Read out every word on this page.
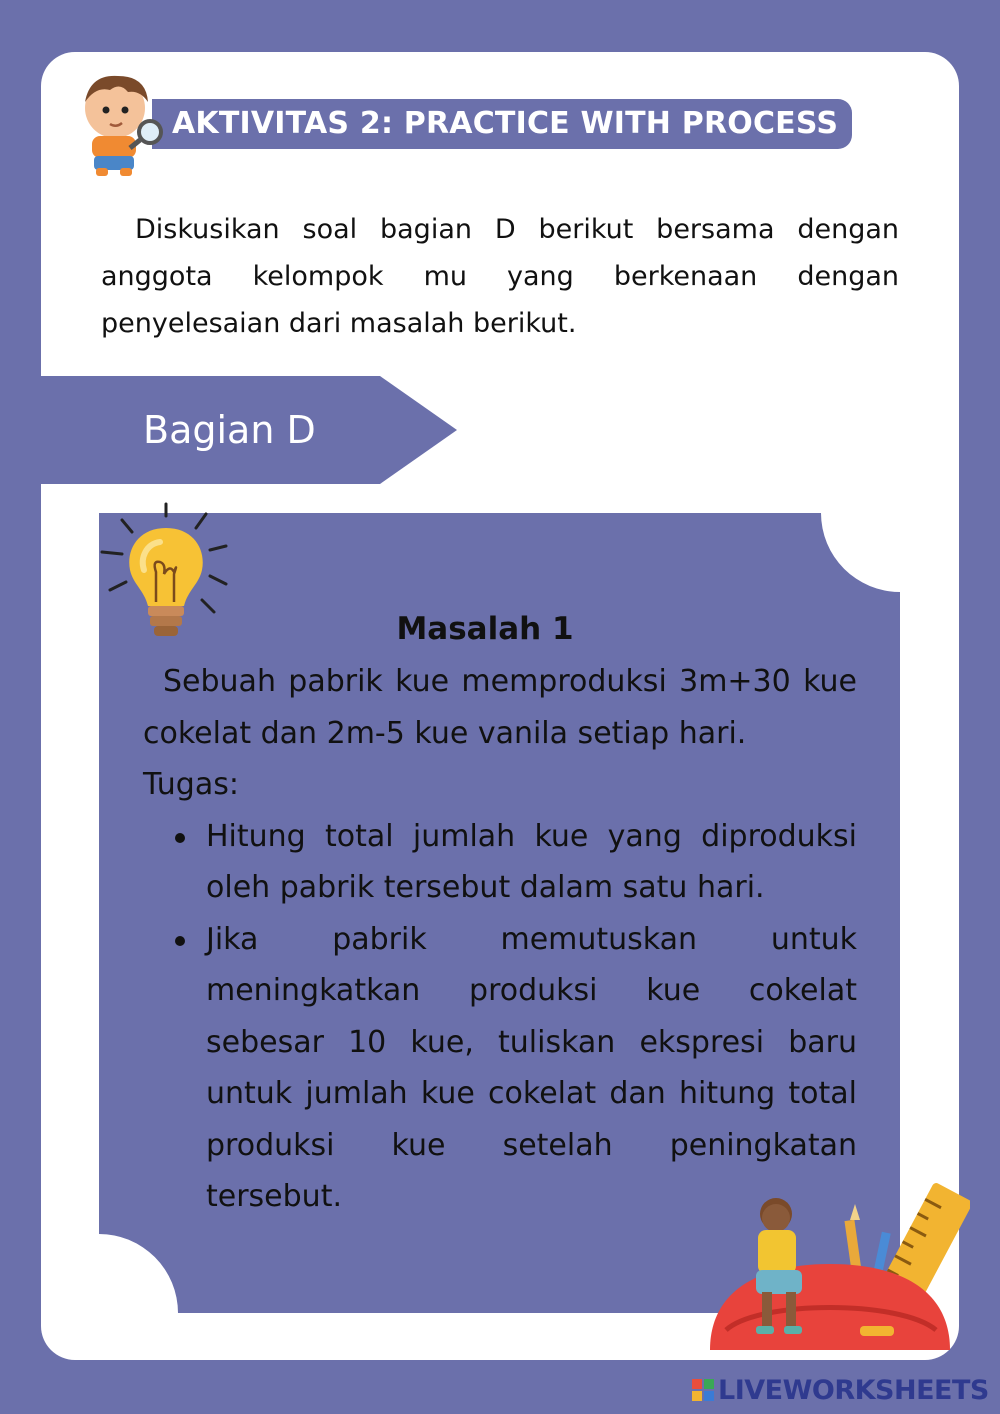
AKTIVITAS 2: PRACTICE WITH PROCESS
Diskusikan soal bagian D berikut bersama dengan anggota kelompok mu yang berkenaan dengan penyelesaian dari masalah berikut.
Bagian D
Masalah 1

Sebuah pabrik kue memproduksi 3m+30 kue cokelat dan 2m-5 kue vanila setiap hari.

Tugas:

Hitung total jumlah kue yang diproduksi oleh pabrik tersebut dalam satu hari.
Jika pabrik memutuskan untuk meningkatkan produksi kue cokelat sebesar 10 kue, tuliskan ekspresi baru untuk jumlah kue cokelat dan hitung total produksi kue setelah peningkatan tersebut.
LIVEWORKSHEETS
